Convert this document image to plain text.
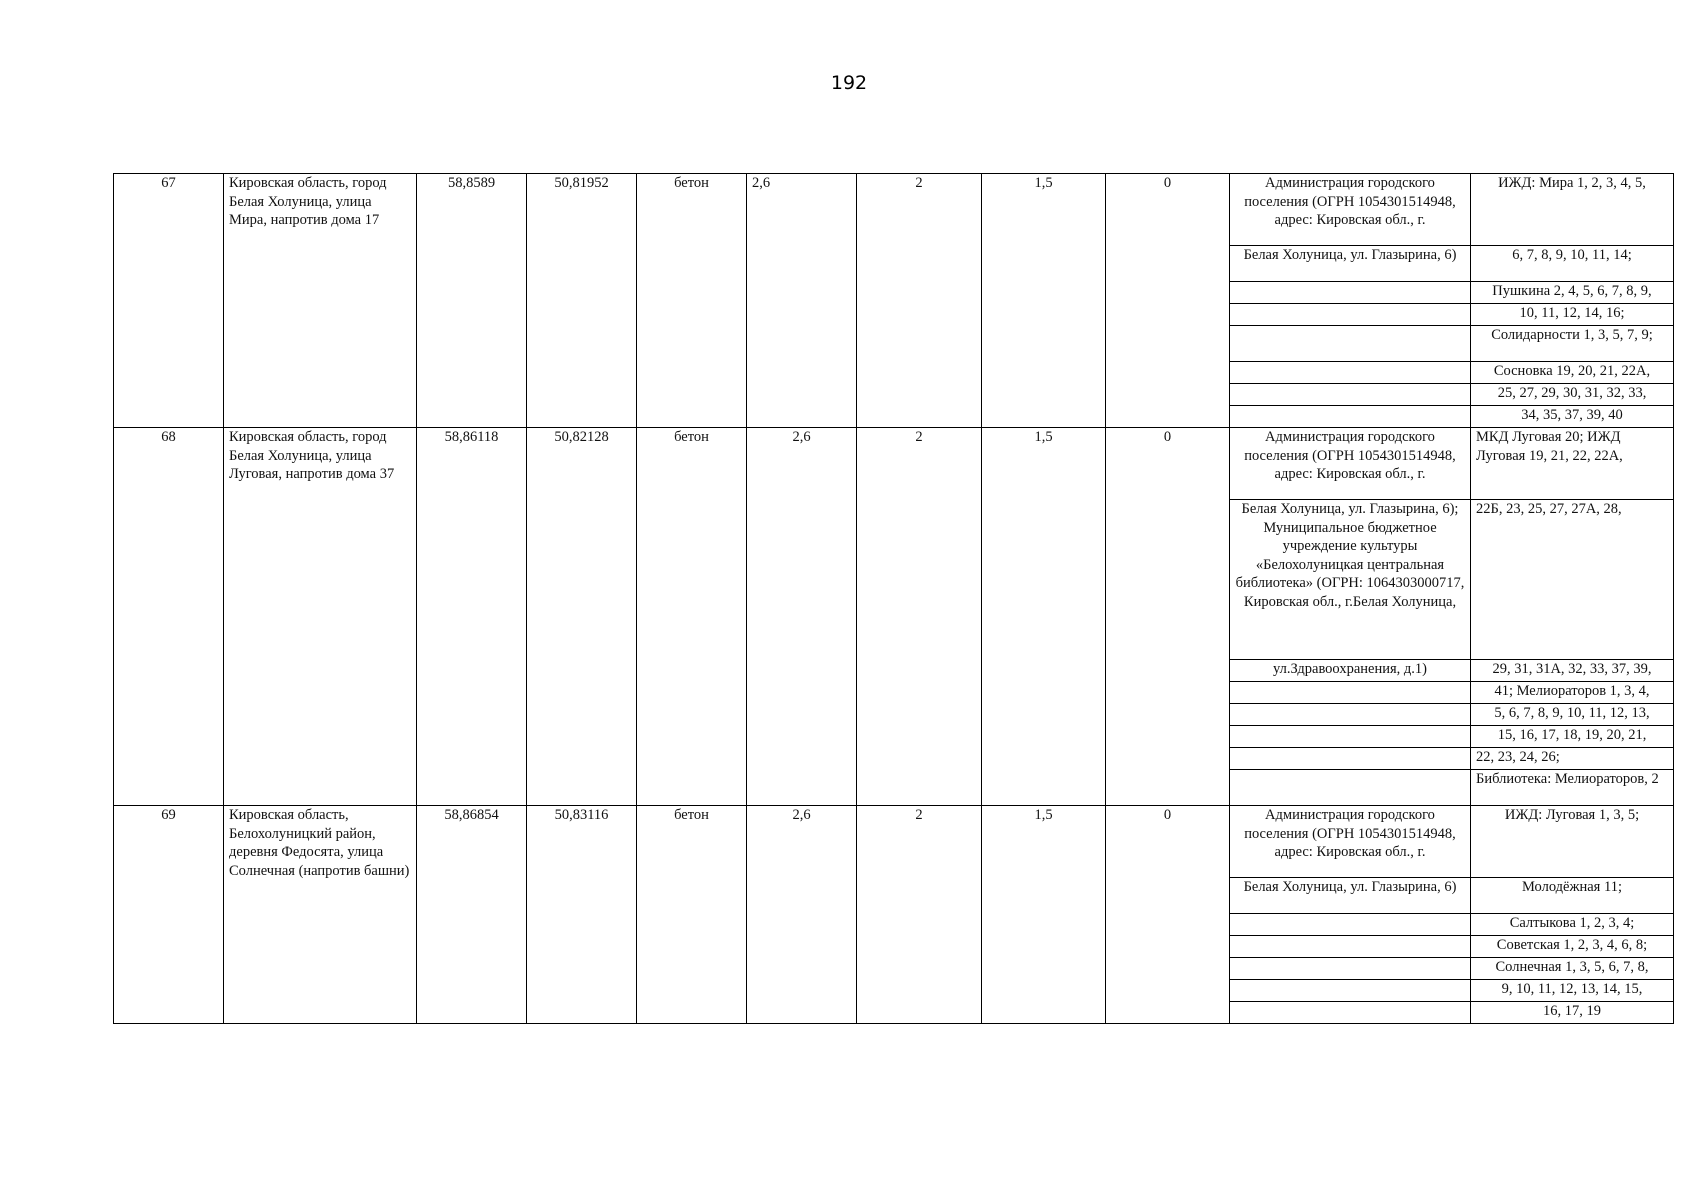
192
67	Кировская область, город Белая Холуница, улица Мира, напротив дома 17	58,8589	50,81952	бетон	2,6	2	1,5	0	Администрация городского поселения (ОГРН 1054301514948, адрес: Кировская обл., г.	ИЖД: Мира 1, 2, 3, 4, 5,
									Белая Холуница, ул. Глазырина, 6)	6, 7, 8, 9, 10, 11, 14;
										Пушкина 2, 4, 5, 6, 7, 8, 9,
										10, 11, 12, 14, 16;
										Солидарности 1, 3, 5, 7, 9;
										Сосновка 19, 20, 21, 22А,
										25, 27, 29, 30, 31, 32, 33,
										34, 35, 37, 39, 40
68	Кировская область, город Белая Холуница, улица Луговая, напротив дома 37	58,86118	50,82128	бетон	2,6	2	1,5	0	Администрация городского поселения (ОГРН 1054301514948, адрес: Кировская обл., г.	МКД Луговая 20; ИЖД Луговая 19, 21, 22, 22А,
									Белая Холуница, ул. Глазырина, 6); Муниципальное бюджетное учреждение культуры «Белохолуницкая центральная библиотека» (ОГРН: 1064303000717, Кировская обл., г.Белая Холуница,	22Б, 23, 25, 27, 27А, 28,
									ул.Здравоохранения, д.1)	29, 31, 31А, 32, 33, 37, 39,
										41; Мелиораторов 1, 3, 4,
										5, 6, 7, 8, 9, 10, 11, 12, 13,
										15, 16, 17, 18, 19, 20, 21,
										22, 23, 24, 26;
										Библиотека: Мелиораторов, 2
69	Кировская область, Белохолуницкий район, деревня Федосята, улица Солнечная (напротив башни)	58,86854	50,83116	бетон	2,6	2	1,5	0	Администрация городского поселения (ОГРН 1054301514948, адрес: Кировская обл., г.	ИЖД: Луговая 1, 3, 5;
									Белая Холуница, ул. Глазырина, 6)	Молодёжная 11;
										Салтыкова 1, 2, 3, 4;
										Советская 1, 2, 3, 4, 6, 8;
										Солнечная 1, 3, 5, 6, 7, 8,
										9, 10, 11, 12, 13, 14, 15,
										16, 17, 19
